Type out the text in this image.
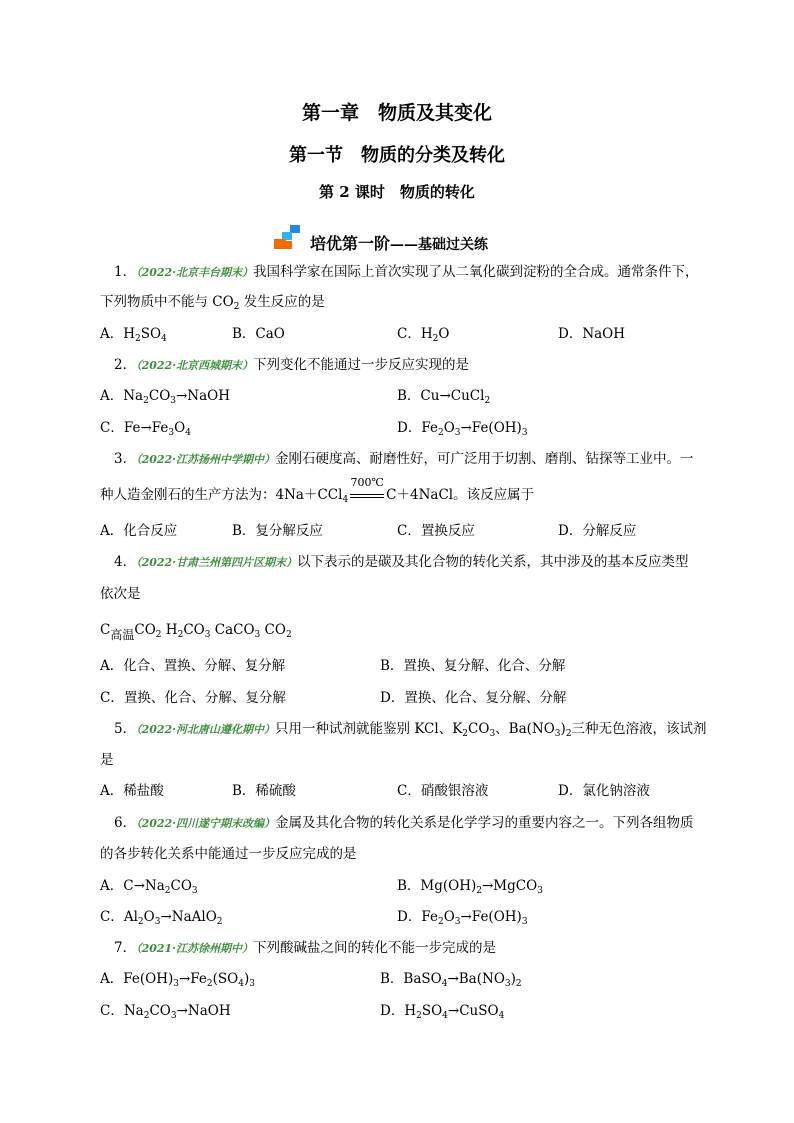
第一章　物质及其变化
第一节　物质的分类及转化
第 2 课时　物质的转化
培优第一阶——基础过关练
1．（2022·北京丰台期末）我国科学家在国际上首次实现了从二氧化碳到淀粉的全合成。通常条件下，
下列物质中不能与 $CO_2$ 发生反应的是
A．$H_2SO_4$	B．CaO	C．$H_2O$	D．NaOH
2．（2022·北京西城期末）下列变化不能通过一步反应实现的是
A．$Na_2CO_3\to NaOH$	B．Cu→CuCl$_2$
C．$Fe\to Fe_3O_4$	D．$Fe_2O_3\to Fe(OH)_3$
3．（2022·江苏扬州中学期中）金刚石硬度高、耐磨性好，可广泛用于切割、磨削、钻探等工业中。一
种人造金刚石的生产方法为：4Na＋CCl$_4$
700℃
C＋4NaCl。该反应属于
A．化合反应	B．复分解反应	C．置换反应	D．分解反应
4．（2022·甘肃兰州第四片区期末）以下表示的是碳及其化合物的转化关系，其中涉及的基本反应类型
依次是
C高温$CO_2$ $H_2CO_3$ CaCO$_3$ $CO_2$
A．化合、置换、分解、复分解	B．置换、复分解、化合、分解
C．置换、化合、分解、复分解	D．置换、化合、复分解、分解
5．（2022·河北唐山遵化期中）只用一种试剂就能鉴别 KCl、$K_2CO_3$、$Ba(NO_3)_2$三种无色溶液，该试剂
是
A．稀盐酸	B．稀硫酸	C．硝酸银溶液	D．氯化钠溶液
6．（2022·四川遂宁期末改编）金属及其化合物的转化关系是化学学习的重要内容之一。下列各组物质
的各步转化关系中能通过一步反应完成的是
A．$C\to Na_2CO_3$	B．$Mg(OH)_2\to MgCO_3$
C．$Al_2O_3\to NaAlO_2$	D．$Fe_2O_3\to Fe(OH)_3$
7．（2021·江苏徐州期中）下列酸碱盐之间的转化不能一步完成的是
A．$Fe(OH)_3\to Fe_2(SO_4)_3$	B．$BaSO_4\to Ba(NO_3)_2$
C．$Na_2CO_3\to NaOH$	D．$H_2SO_4\to CuSO_4$
